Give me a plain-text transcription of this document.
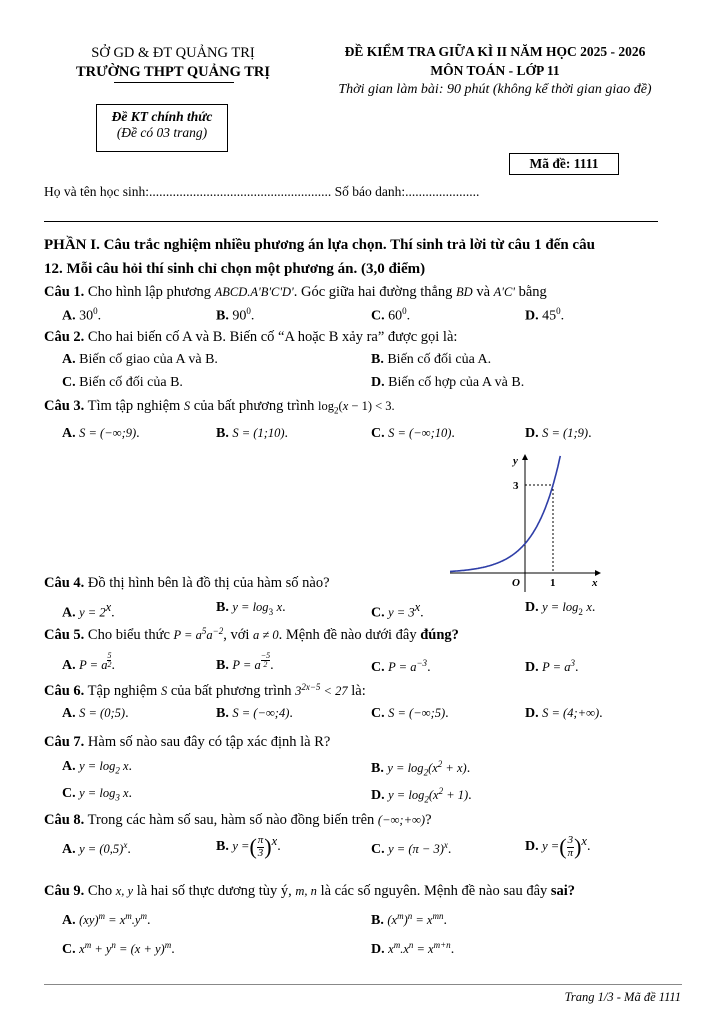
SỞ GD & ĐT QUẢNG TRỊ
TRƯỜNG THPT QUẢNG TRỊ
ĐỀ KIỂM TRA GIỮA KÌ II NĂM HỌC 2025 - 2026
MÔN TOÁN - LỚP 11
Thời gian làm bài: 90 phút (không kể thời gian giao đề)
Đề KT chính thức
(Đề có 03 trang)
Mã đề: 1111
Họ và tên học sinh:...................................................... Số báo danh:......................
PHẦN I. Câu trắc nghiệm nhiều phương án lựa chọn. Thí sinh trả lời từ câu 1 đến câu
12. Mỗi câu hỏi thí sinh chỉ chọn một phương án. (3,0 điểm)
Câu 1. Cho hình lập phương ABCD.A'B'C'D'. Góc giữa hai đường thẳng BD và A'C' bằng
A. $30^0$.	B. $90^0$.	C. $60^0$.	D. $45^0$.
Câu 2. Cho hai biến cố A và B. Biến cố “A hoặc B xảy ra” được gọi là:
A. Biến cố giao của A và B.	B. Biến cố đối của A.
C. Biến cố đối của B.	D. Biến cố hợp của A và B.
Câu 3. Tìm tập nghiệm S của bất phương trình $\log_2(x - 1) < 3$.
A. S = (−∞;9).	B. S = (1;10).	C. S = (−∞;10).	D. S = (1;9).
y
x
O
3
1
Câu 4. Đồ thị hình bên là đồ thị của hàm số nào?
A. $y = 2^x$.	B. $y = \log_3 x$.	C. $y = 3^x$.	D. $y = \log_2 x$.
Câu 5. Cho biểu thức $P = a^5a^{-2}$, với a ≠ 0. Mệnh đề nào dưới đây đúng?
A. P = a $\frac{5}{2}$ .	B. P = a $\frac{-5}{2}$ .	C. $P = a^{-3}$.	D. $P = a^3$.
Câu 6. Tập nghiệm S của bất phương trình $3^{2x-5} < 27$ là:
A. S = (0;5).	B. S = (−∞;4).	C. S = (−∞;5).	D. S = (4;+∞).
Câu 7. Hàm số nào sau đây có tập xác định là R?
A. $y = \log_2 x$.	B. $y = \log_2(x^2 + x)$.
C. $y = \log_3 x$.	D. $y = \log_2(x^2 + 1)$.
Câu 8. Trong các hàm số sau, hàm số nào đồng biến trên (−∞;+∞)?
A. $y = (0,5)^x$.	B. y =( $\frac{\pi}{3} )^x$.	C. $y = (\pi - 3)^x$.	D. y =( $\frac{3}{\pi} )^x$.
Câu 9. Cho x, y là hai số thực dương tùy ý, m, n là các số nguyên. Mệnh đề nào sau đây sai?
A. $(xy)^m = x^m.y^m$.	B. $(x^m)^n = x^{mn}$.
C. $x^m + y^n = (x + y)^m$.	D. $x^m.x^n = x^{m+n}$.
Trang 1/3 - Mã đề 1111
